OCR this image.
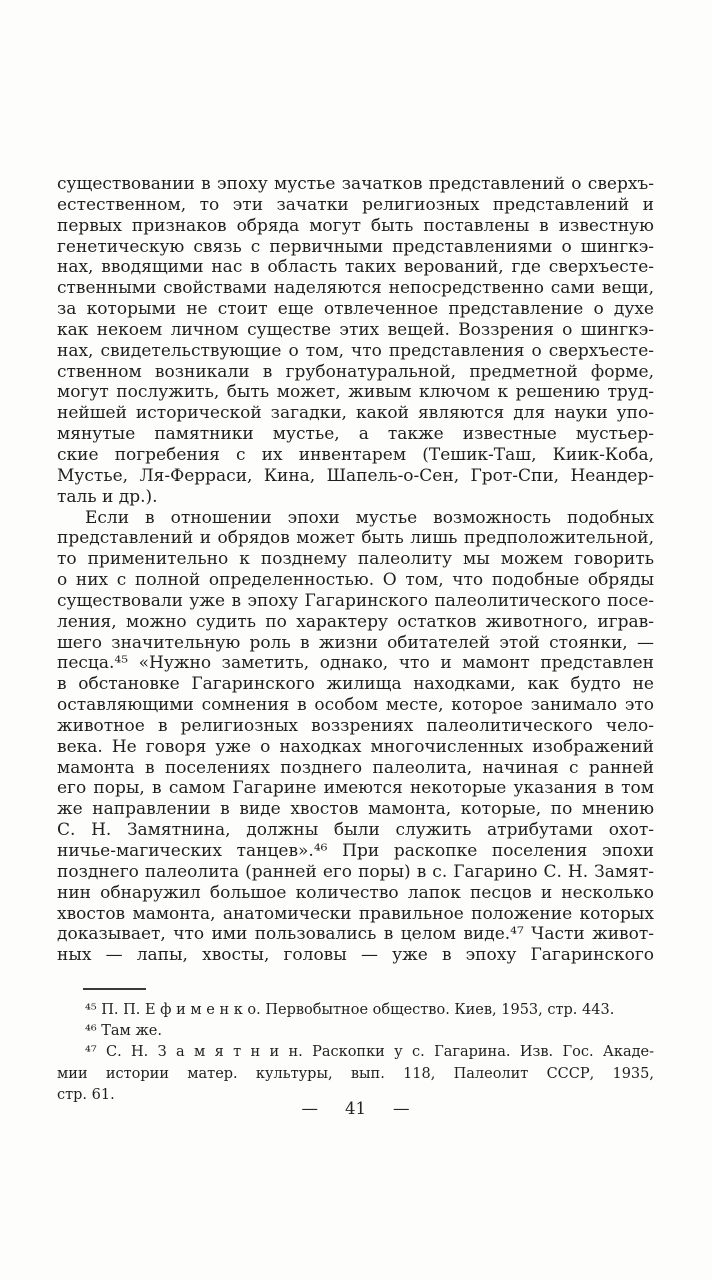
существовании в эпоху мустье зачатков представлений о сверхъ-
естественном, то эти зачатки религиозных представлений и
первых признаков обряда могут быть поставлены в известную
генетическую связь с первичными представлениями о шингкэ-
нах, вводящими нас в область таких верований, где сверхъесте-
ственными свойствами наделяются непосредственно сами вещи,
за которыми не стоит еще отвлеченное представление о духе
как некоем личном существе этих вещей. Воззрения о шингкэ-
нах, свидетельствующие о том, что представления о сверхъесте-
ственном возникали в грубонатуральной, предметной форме,
могут послужить, быть может, живым ключом к решению труд-
нейшей исторической загадки, какой являются для науки упо-
мянутые памятники мустье, а также известные мустьер-
ские погребения с их инвентарем (Тешик-Таш, Киик-Коба,
Мустье, Ля-Ферраси, Кина, Шапель-о-Сен, Грот-Спи, Неандер-
таль и др.).
Если в отношении эпохи мустье возможность подобных
представлений и обрядов может быть лишь предположительной,
то применительно к позднему палеолиту мы можем говорить
о них с полной определенностью. О том, что подобные обряды
существовали уже в эпоху Гагаринского палеолитического посе-
ления, можно судить по характеру остатков животного, играв-
шего значительную роль в жизни обитателей этой стоянки, —
песца.⁴⁵ «Нужно заметить, однако, что и мамонт представлен
в обстановке Гагаринского жилища находками, как будто не
оставляющими сомнения в особом месте, которое занимало это
животное в религиозных воззрениях палеолитического чело-
века. Не говоря уже о находках многочисленных изображений
мамонта в поселениях позднего палеолита, начиная с ранней
его поры, в самом Гагарине имеются некоторые указания в том
же направлении в виде хвостов мамонта, которые, по мнению
С. Н. Замятнина, должны были служить атрибутами охот-
ничье-магических танцев».⁴⁶ При раскопке поселения эпохи
позднего палеолита (ранней его поры) в с. Гагарино С. Н. Замят-
нин обнаружил большое количество лапок песцов и несколько
хвостов мамонта, анатомически правильное положение которых
доказывает, что ими пользовались в целом виде.⁴⁷ Части живот-
ных — лапы, хвосты, головы — уже в эпоху Гагаринского
⁴⁵ П. П. Е ф и м е н к о. Первобытное общество. Киев, 1953, стр. 443.
⁴⁶ Там же.
⁴⁷ С. Н. З а м я т н и н. Раскопки у с. Гагарина. Изв. Гос. Акаде-
мии истории матер. культуры, вып. 118, Палеолит СССР, 1935,
стр. 61.
— 41 —
